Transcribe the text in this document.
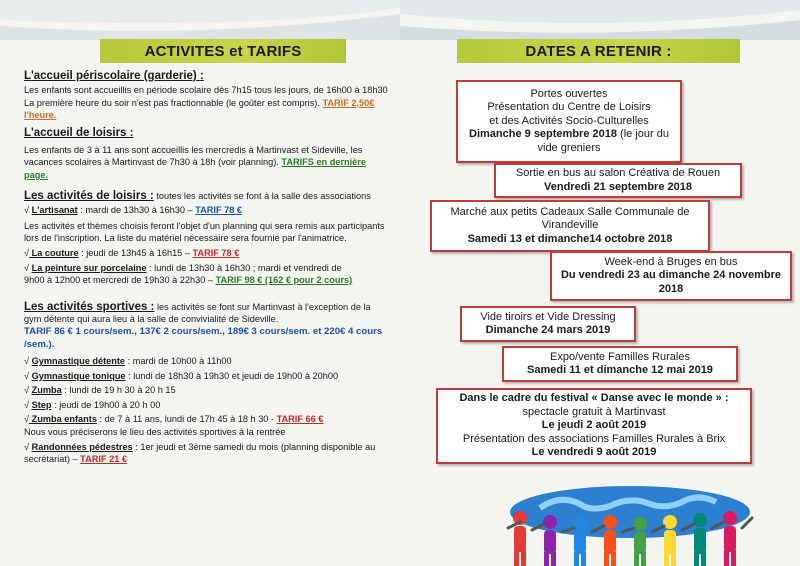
ACTIVITES et TARIFS
L'accueil périscolaire (garderie) :
Les enfants sont accueillis en période scolaire dès 7h15 tous les jours, de 16h00 à 18h30
La première heure du soir n'est pas fractionnable (le goûter est compris). TARIF 2,50€ l'heure.
L'accueil de loisirs :
Les enfants de 3 à 11 ans sont accueillis les mercredis à Martinvast et Sideville, les
vacances scolaires à Martinvast de 7h30 à 18h (voir planning). TARIFS en dernière page.
Les activités de loisirs : toutes les activités se font à la salle des associations
√ L'artisanat : mardi de 13h30 à 16h30 – TARIF 78 €
Les activités et thèmes choisis feront l'objet d'un planning qui sera remis aux participants
lors de l'inscription. La liste du matériel nécessaire sera fournie par l'animatrice.
√ La couture : jeudi de 13h45 à 16h15 – TARIF 78 €
√ La peinture sur porcelaine : lundi de 13h30 à 16h30 ; mardi et vendredi de
9h00 à 12h00 et mercredi de 19h30 à 22h30 – TARIF 98 € (162 € pour 2 cours)
Les activités sportives : les activités se font sur Martinvast à l'exception de la
gym détente qui aura lieu à la salle de convivialité de Sideville.
TARIF 86 € 1 cours/sem., 137€ 2 cours/sem., 189€ 3 cours/sem. et 220€ 4 cours /sem.).
√ Gymnastique détente : mardi de 10h00 à 11h00
√ Gymnastique tonique : lundi de 18h30 à 19h30 et jeudi de 19h00 à 20h00
√ Zumba : lundi de 19 h 30 à 20 h 15
√ Step : jeudi de 19h00 à 20 h 00
√ Zumba enfants : de 7 à 11 ans, lundi de 17h 45 à 18 h 30 - TARIF 66 €
Nous vous préciserons le lieu des activités sportives à la rentrée
√ Randonnées pédestres : 1er jeudi et 3ème samedi du mois (planning disponible au
secrétariat) – TARIF 21 €
DATES A RETENIR :
Portes ouvertes
Présentation du Centre de Loisirs
et des Activités Socio-Culturelles
Dimanche 9 septembre 2018 (le jour du vide greniers
Sortie en bus au salon Créativa de Rouen
Vendredi 21 septembre 2018
Marché aux petits Cadeaux Salle Communale de Virandeville
Samedi 13 et dimanche14 octobre 2018
Week-end à Bruges en bus
Du vendredi 23 au dimanche 24 novembre 2018
Vide tiroirs et Vide Dressing
Dimanche 24 mars 2019
Expo/vente Familles Rurales
Samedi 11 et dimanche 12 mai 2019
Dans le cadre du festival « Danse avec le monde » :
spectacle gratuit à Martinvast
Le jeudi 2 août 2019
Présentation des associations Familles Rurales à Brix
Le vendredi 9 août 2019
